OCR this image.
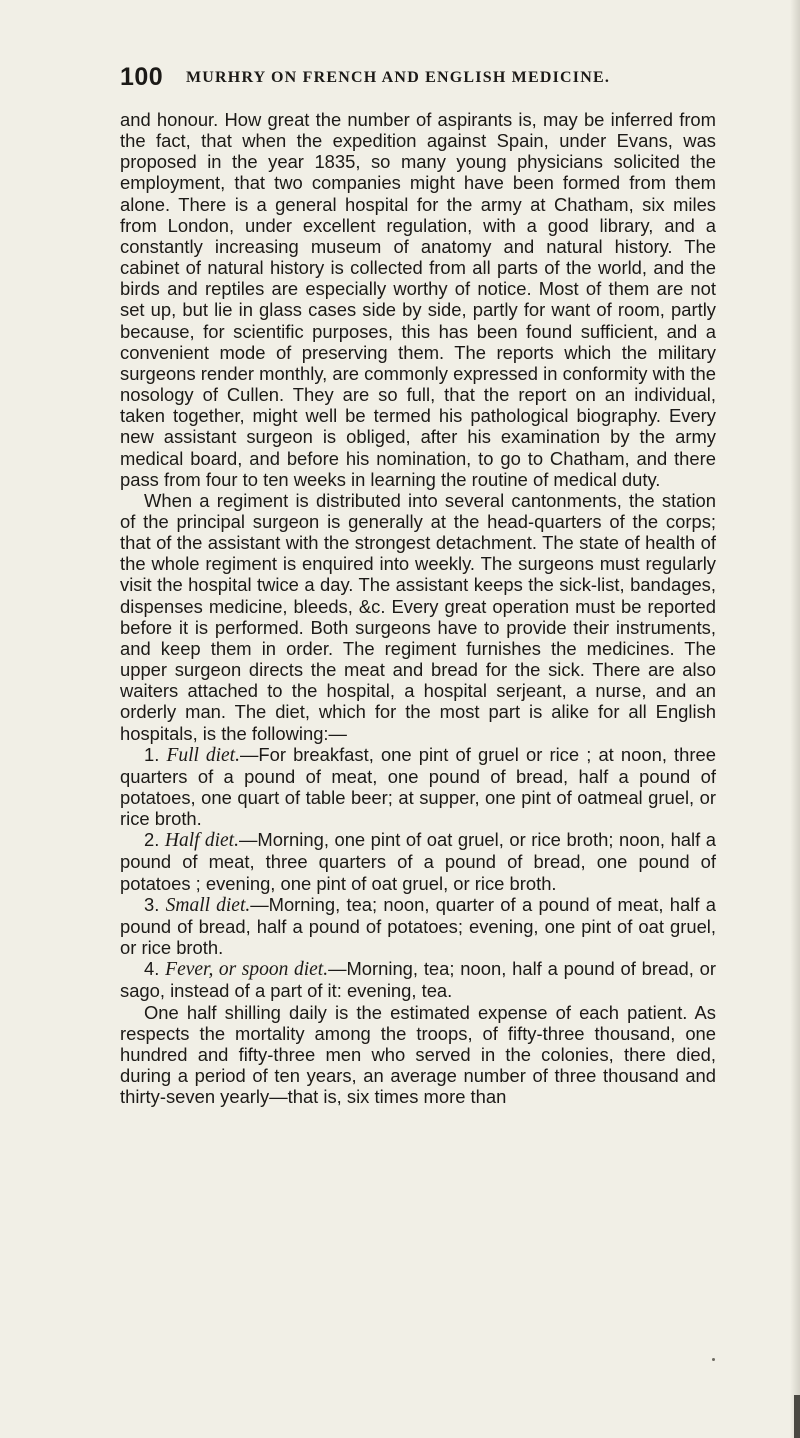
100 MURHRY ON FRENCH AND ENGLISH MEDICINE.

and honour. How great the number of aspirants is, may be inferred from the fact, that when the expedition against Spain, under Evans, was proposed in the year 1835, so many young physicians solicited the employment, that two companies might have been formed from them alone. There is a general hospital for the army at Chatham, six miles from London, under excellent regulation, with a good library, and a constantly increasing museum of anatomy and natural history. The cabinet of natural history is collected from all parts of the world, and the birds and reptiles are especially worthy of notice. Most of them are not set up, but lie in glass cases side by side, partly for want of room, partly because, for scientific purposes, this has been found sufficient, and a convenient mode of preserving them. The reports which the military surgeons render monthly, are commonly expressed in conformity with the nosology of Cullen. They are so full, that the report on an individual, taken together, might well be termed his pathological biography. Every new assistant surgeon is obliged, after his examination by the army medical board, and before his nomination, to go to Chatham, and there pass from four to ten weeks in learning the routine of medical duty.

When a regiment is distributed into several cantonments, the station of the principal surgeon is generally at the head-quarters of the corps; that of the assistant with the strongest detachment. The state of health of the whole regiment is enquired into weekly. The surgeons must regularly visit the hospital twice a day. The assistant keeps the sick-list, bandages, dispenses medicine, bleeds, &c. Every great operation must be reported before it is performed. Both surgeons have to provide their instruments, and keep them in order. The regiment furnishes the medicines. The upper surgeon directs the meat and bread for the sick. There are also waiters attached to the hospital, a hospital serjeant, a nurse, and an orderly man. The diet, which for the most part is alike for all English hospitals, is the following:—

1. Full diet.—For breakfast, one pint of gruel or rice ; at noon, three quarters of a pound of meat, one pound of bread, half a pound of potatoes, one quart of table beer; at supper, one pint of oatmeal gruel, or rice broth.

2. Half diet.—Morning, one pint of oat gruel, or rice broth; noon, half a pound of meat, three quarters of a pound of bread, one pound of potatoes ; evening, one pint of oat gruel, or rice broth.

3. Small diet.—Morning, tea; noon, quarter of a pound of meat, half a pound of bread, half a pound of potatoes; evening, one pint of oat gruel, or rice broth.

4. Fever, or spoon diet.—Morning, tea; noon, half a pound of bread, or sago, instead of a part of it: evening, tea.

One half shilling daily is the estimated expense of each patient. As respects the mortality among the troops, of fifty-three thousand, one hundred and fifty-three men who served in the colonies, there died, during a period of ten years, an average number of three thousand and thirty-seven yearly—that is, six times more than
